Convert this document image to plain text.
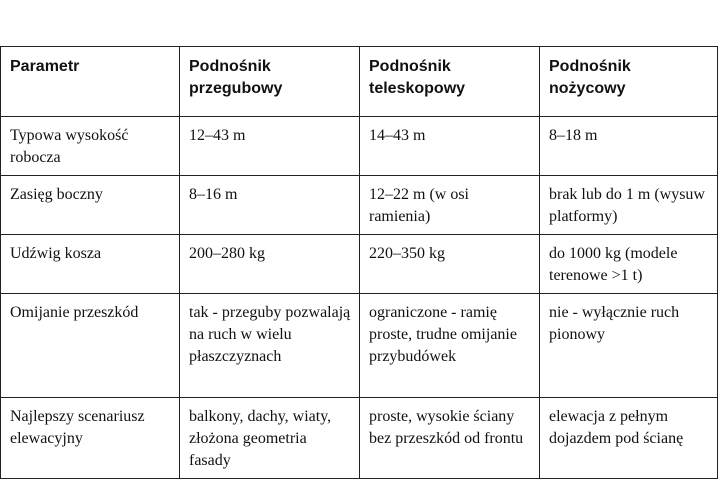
Parametr	Podnośnik przegubowy	Podnośnik teleskopowy	Podnośnik nożycowy
Typowa wysokość robocza	12–43 m	14–43 m	8–18 m
Zasięg boczny	8–16 m	12–22 m (w osi ramienia)	brak lub do 1 m (wysuw platformy)
Udźwig kosza	200–280 kg	220–350 kg	do 1000 kg (modele terenowe >1 t)
Omijanie przeszkód	tak - przeguby pozwalają na ruch w wielu płaszczyznach	ograniczone - ramię proste, trudne omijanie przybudówek	nie - wyłącznie ruch pionowy
Najlepszy scenariusz elewacyjny	balkony, dachy, wiaty, złożona geometria fasady	proste, wysokie ściany bez przeszkód od frontu	elewacja z pełnym dojazdem pod ścianę
